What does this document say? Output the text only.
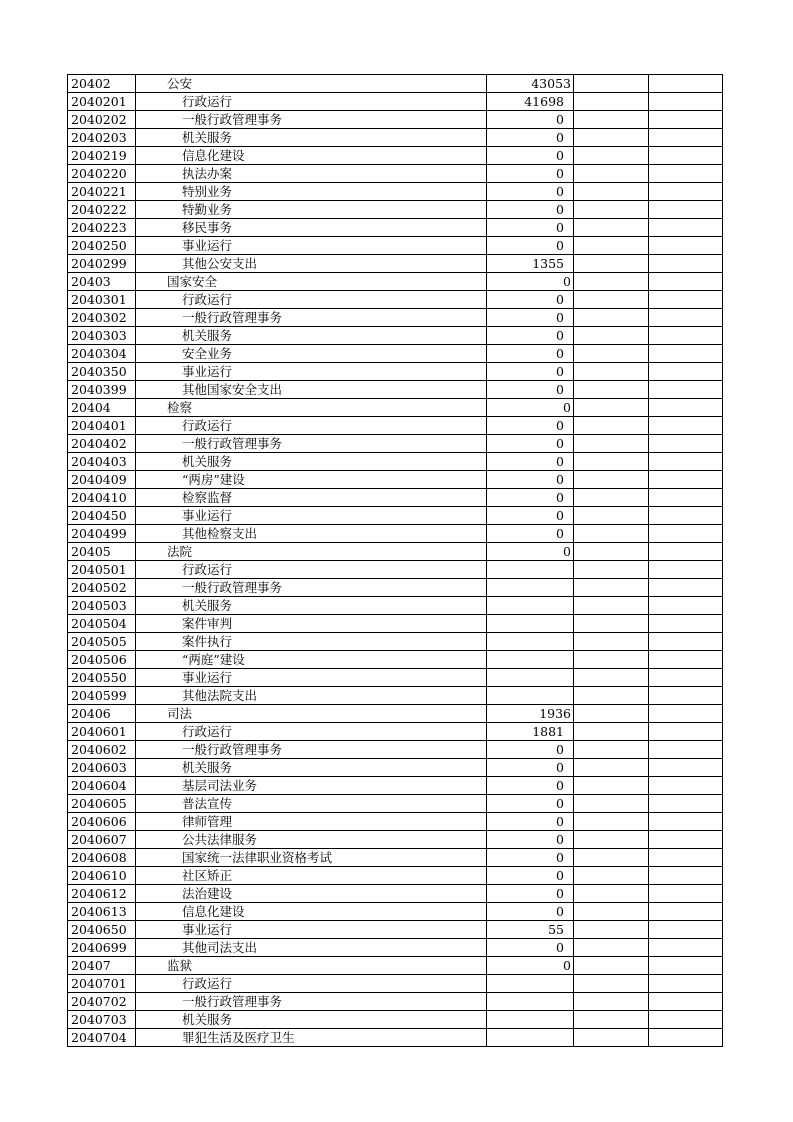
20402	公安	43053		
2040201	行政运行	41698		
2040202	一般行政管理事务	0		
2040203	机关服务	0		
2040219	信息化建设	0		
2040220	执法办案	0		
2040221	特别业务	0		
2040222	特勤业务	0		
2040223	移民事务	0		
2040250	事业运行	0		
2040299	其他公安支出	1355		
20403	国家安全	0		
2040301	行政运行	0		
2040302	一般行政管理事务	0		
2040303	机关服务	0		
2040304	安全业务	0		
2040350	事业运行	0		
2040399	其他国家安全支出	0		
20404	检察	0		
2040401	行政运行	0		
2040402	一般行政管理事务	0		
2040403	机关服务	0		
2040409	“两房”建设	0		
2040410	检察监督	0		
2040450	事业运行	0		
2040499	其他检察支出	0		
20405	法院	0		
2040501	行政运行			
2040502	一般行政管理事务			
2040503	机关服务			
2040504	案件审判			
2040505	案件执行			
2040506	“两庭”建设			
2040550	事业运行			
2040599	其他法院支出			
20406	司法	1936		
2040601	行政运行	1881		
2040602	一般行政管理事务	0		
2040603	机关服务	0		
2040604	基层司法业务	0		
2040605	普法宣传	0		
2040606	律师管理	0		
2040607	公共法律服务	0		
2040608	国家统一法律职业资格考试	0		
2040610	社区矫正	0		
2040612	法治建设	0		
2040613	信息化建设	0		
2040650	事业运行	55		
2040699	其他司法支出	0		
20407	监狱	0		
2040701	行政运行			
2040702	一般行政管理事务			
2040703	机关服务			
2040704	罪犯生活及医疗卫生			
